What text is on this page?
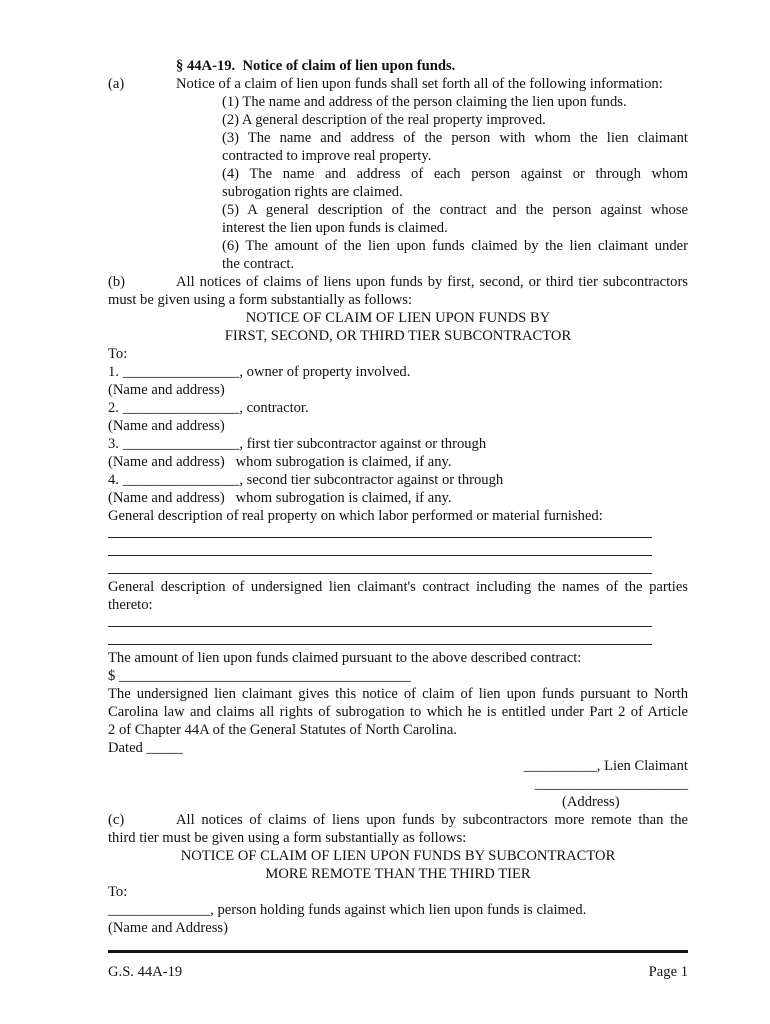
§ 44A-19.  Notice of claim of lien upon funds.
(a)	Notice of a claim of lien upon funds shall set forth all of the following information:
(1) The name and address of the person claiming the lien upon funds.
(2) A general description of the real property improved.
(3) The name and address of the person with whom the lien claimant
contracted to improve real property.
(4) The name and address of each person against or through whom
subrogation rights are claimed.
(5) A general description of the contract and the person against whose
interest the lien upon funds is claimed.
(6) The amount of the lien upon funds claimed by the lien claimant under
the contract.
(b)	All notices of claims of liens upon funds by first, second, or third tier subcontractors
must be given using a form substantially as follows:
NOTICE OF CLAIM OF LIEN UPON FUNDS BY
FIRST, SECOND, OR THIRD TIER SUBCONTRACTOR
To:
1. ________________, owner of property involved.
(Name and address)
2. ________________, contractor.
(Name and address)
3. ________________, first tier subcontractor against or through
(Name and address)   whom subrogation is claimed, if any.
4. ________________, second tier subcontractor against or through
(Name and address)   whom subrogation is claimed, if any.
General description of real property on which labor performed or material furnished:
General description of undersigned lien claimant's contract including the names of the parties
thereto:
The amount of lien upon funds claimed pursuant to the above described contract:
$ ________________________________________
The undersigned lien claimant gives this notice of claim of lien upon funds pursuant to North
Carolina law and claims all rights of subrogation to which he is entitled under Part 2 of Article
2 of Chapter 44A of the General Statutes of North Carolina.
Dated _____
__________, Lien Claimant
_____________________
(Address)
(c)	All notices of claims of liens upon funds by subcontractors more remote than the
third tier must be given using a form substantially as follows:
NOTICE OF CLAIM OF LIEN UPON FUNDS BY SUBCONTRACTOR
MORE REMOTE THAN THE THIRD TIER
To:
______________, person holding funds against which lien upon funds is claimed.
(Name and Address)
G.S. 44A-19	Page 1
